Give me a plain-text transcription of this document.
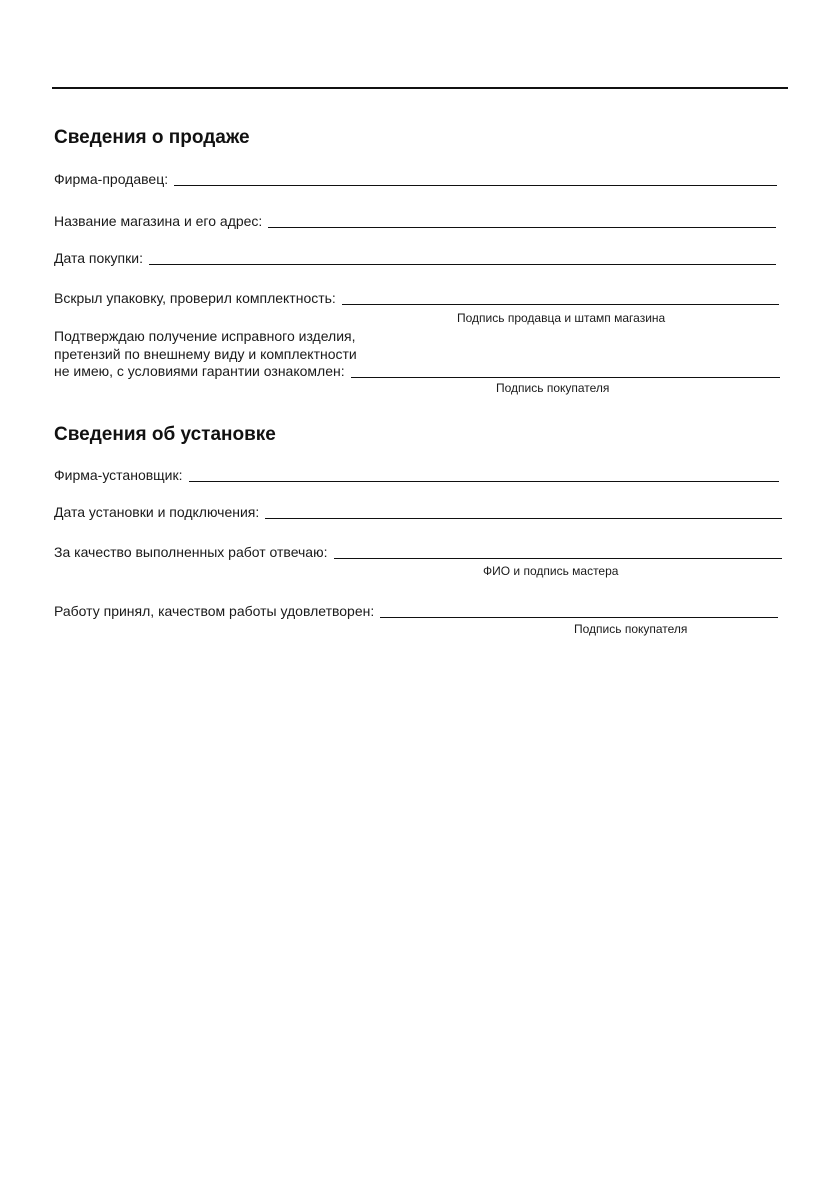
Сведения о продаже
Фирма-продавец:
Название магазина и его адрес:
Дата покупки:
Вскрыл упаковку, проверил комплектность:
Подпись продавца и штамп магазина
Подтверждаю получение исправного изделия,
претензий по внешнему виду и комплектности
не имею, с условиями гарантии ознакомлен:
Подпись покупателя
Сведения об установке
Фирма-установщик:
Дата установки и подключения:
За качество выполненных работ отвечаю:
ФИО и подпись мастера
Работу принял, качеством работы удовлетворен:
Подпись покупателя
